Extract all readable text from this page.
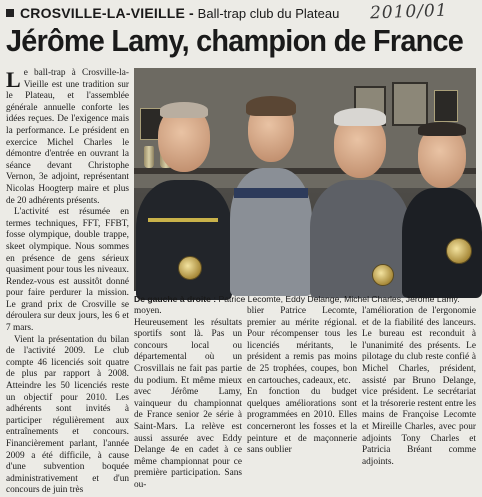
CROSVILLE-LA-VIEILLE - Ball-trap club du Plateau 2010/01
Jérôme Lamy, champion de France

Le ball-trap à Crosville-la-Vieille est une tradition sur le Plateau, et l'assemblée générale annuelle conforte les idées reçues. De l'exigence mais la performance. Le président en exercice Michel Charles le démontre d'entrée en ouvrant la séance devant Christophe Vernon, 3e adjoint, représentant Nicolas Hoogterp maire et plus de 20 adhérents présents.

L'activité est résumée en termes techniques, FFT, FFBT, fosse olympique, double trappe, skeet olympique. Nous sommes en présence de gens sérieux quasiment pour tous les niveaux. Rendez-vous est aussitôt donné pour faire perdurer la mission. Le grand prix de Crosville se déroulera sur deux jours, les 6 et 7 mars.

Vient la présentation du bilan de l'activité 2009. Le club compte 46 licenciés soit quatre de plus par rapport à 2008. Atteindre les 50 licenciés reste un objectif pour 2010. Les adhérents sont invités à participer régulièrement aux entraînements et concours. Financièrement parlant, l'année 2009 a été difficile, à cause d'une subvention boquée administrativement et d'un concours de juin très

De gauche à droite : Patrice Lecomte, Eddy Delange, Michel Charles, Jérôme Lamy.

moyen.
Heureusement les résultats sportifs sont là. Pas un concours local ou départemental où un Crosvillais ne fait pas partie du podium. Et même mieux avec Jérôme Lamy, vainqueur du championnat de France senior 2e série à Saint-Mars. La relève est aussi assurée avec Eddy Delange 4e en cadet à ce même championnat pour ce première participation. Sans ou-

blier Patrice Lecomte, premier au mérite régional. Pour récompenser tous les licenciés méritants, le président a remis pas moins de 25 trophées, coupes, bon en cartouches, cadeaux, etc.
En fonction du budget quelques améliorations sont programmées en 2010. Elles concerneront les fosses et la peinture et de maçonnerie sans oublier

l'amélioration de l'ergonomie et de la fiabilité des lanceurs. Le bureau est reconduit à l'unanimité des présents. Le pilotage du club reste confié à Michel Charles, président, assisté par Bruno Delange, vice président. Le secrétariat et la trésorerie restent entre les mains de Françoise Lecomte et Mireille Charles, avec pour adjoints Tony Charles et Patricia Bréant comme adjoints.
